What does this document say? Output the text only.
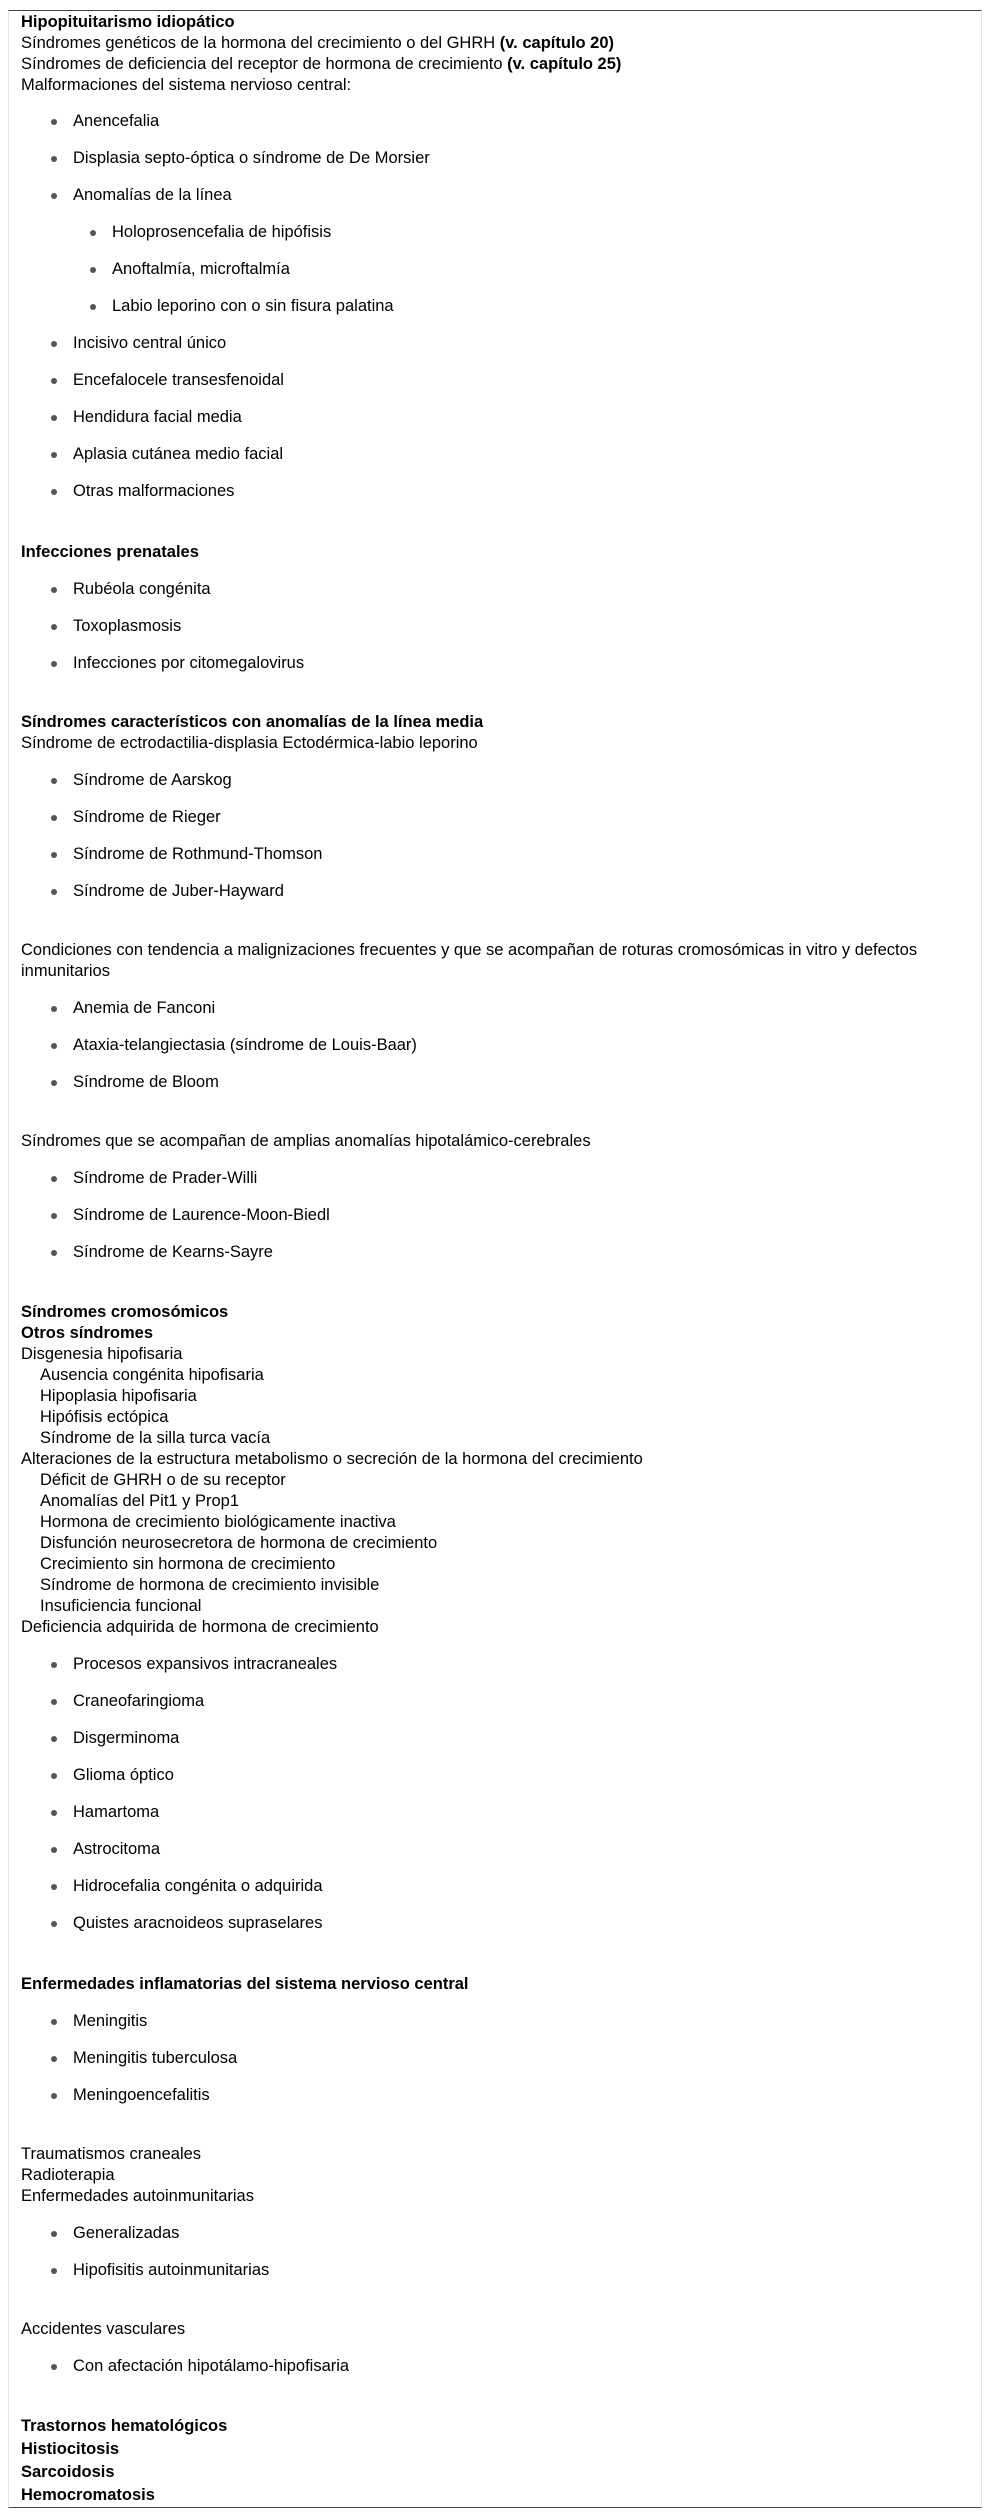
Hipopituitarismo idiopático
Síndromes genéticos de la hormona del crecimiento o del GHRH (v. capítulo 20)
Síndromes de deficiencia del receptor de hormona de crecimiento (v. capítulo 25)
Malformaciones del sistema nervioso central:
Anencefalia
Displasia septo-óptica o síndrome de De Morsier
Anomalías de la línea
Holoprosencefalia de hipófisis
Anoftalmía, microftalmía
Labio leporino con o sin fisura palatina
Incisivo central único
Encefalocele transesfenoidal
Hendidura facial media
Aplasia cutánea medio facial
Otras malformaciones
Infecciones prenatales
Rubéola congénita
Toxoplasmosis
Infecciones por citomegalovirus
Síndromes característicos con anomalías de la línea media
Síndrome de ectrodactilia-displasia Ectodérmica-labio leporino
Síndrome de Aarskog
Síndrome de Rieger
Síndrome de Rothmund-Thomson
Síndrome de Juber-Hayward
Condiciones con tendencia a malignizaciones frecuentes y que se acompañan de roturas cromosómicas in vitro y defectos inmunitarios
Anemia de Fanconi
Ataxia-telangiectasia (síndrome de Louis-Baar)
Síndrome de Bloom
Síndromes que se acompañan de amplias anomalías hipotalámico-cerebrales
Síndrome de Prader-Willi
Síndrome de Laurence-Moon-Biedl
Síndrome de Kearns-Sayre
Síndromes cromosómicos
Otros síndromes
Disgenesia hipofisaria
Ausencia congénita hipofisaria
Hipoplasia hipofisaria
Hipófisis ectópica
Síndrome de la silla turca vacía
Alteraciones de la estructura metabolismo o secreción de la hormona del crecimiento
Déficit de GHRH o de su receptor
Anomalías del Pit1 y Prop1
Hormona de crecimiento biológicamente inactiva
Disfunción neurosecretora de hormona de crecimiento
Crecimiento sin hormona de crecimiento
Síndrome de hormona de crecimiento invisible
Insuficiencia funcional
Deficiencia adquirida de hormona de crecimiento
Procesos expansivos intracraneales
Craneofaringioma
Disgerminoma
Glioma óptico
Hamartoma
Astrocitoma
Hidrocefalia congénita o adquirida
Quistes aracnoideos supraselares
Enfermedades inflamatorias del sistema nervioso central
Meningitis
Meningitis tuberculosa
Meningoencefalitis
Traumatismos craneales
Radioterapia
Enfermedades autoinmunitarias
Generalizadas
Hipofisitis autoinmunitarias
Accidentes vasculares
Con afectación hipotálamo-hipofisaria
Trastornos hematológicos
Histiocitosis
Sarcoidosis
Hemocromatosis
